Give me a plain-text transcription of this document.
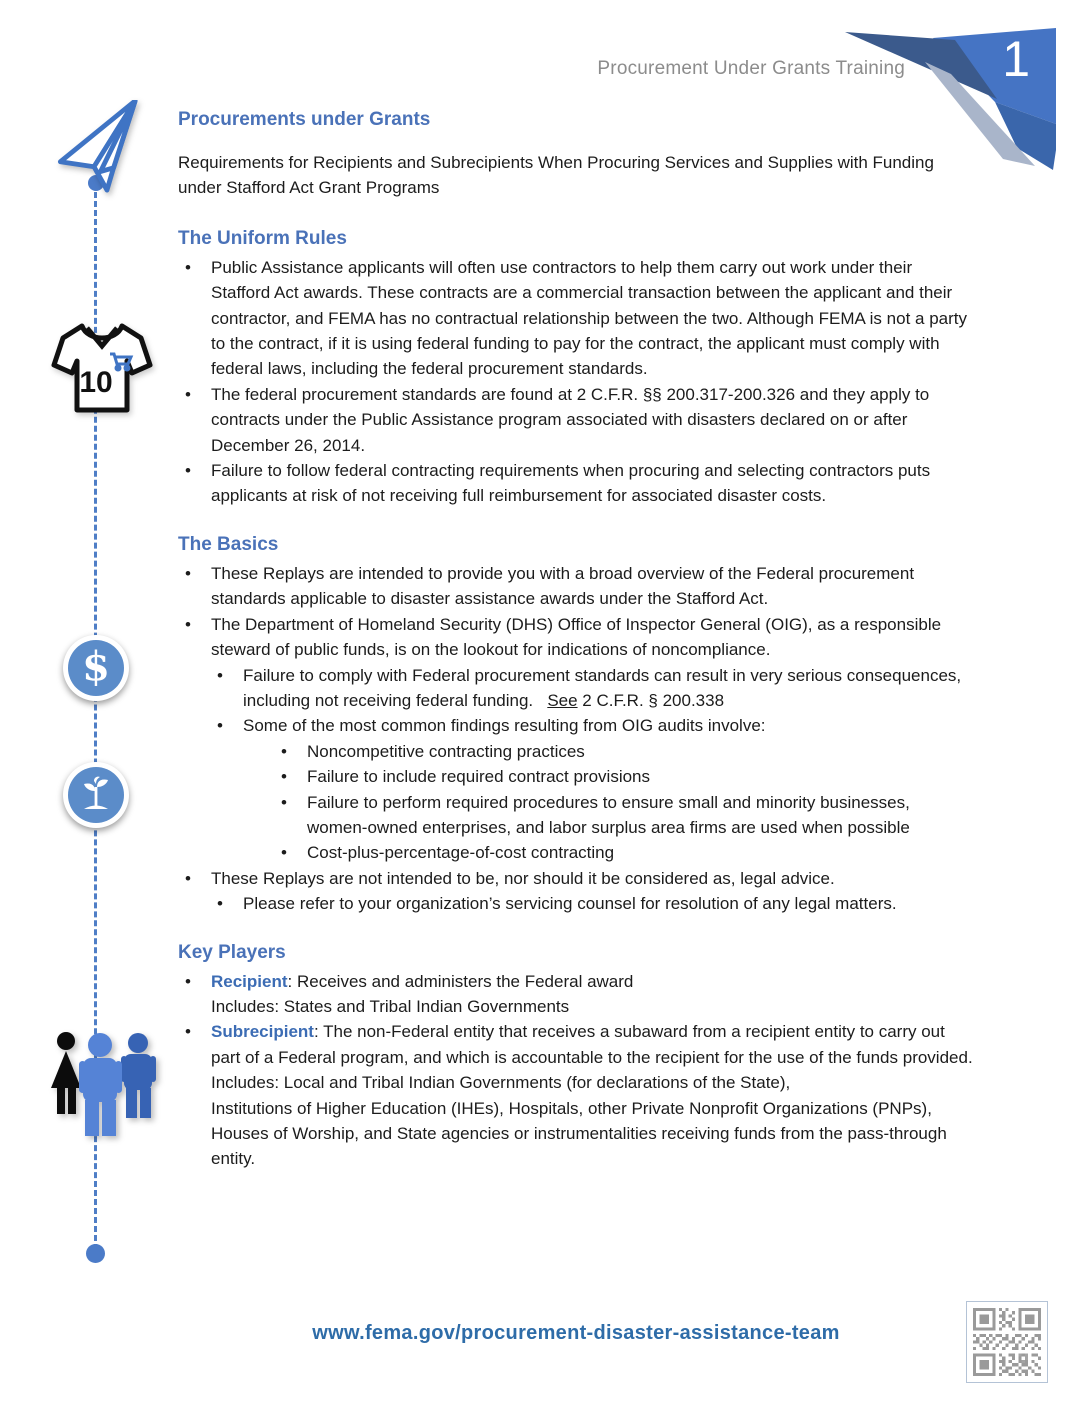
Procurement Under Grants Training 1
10
$

Procurements under Grants

Requirements for Recipients and Subrecipients When Procuring Services and Supplies with Funding under Stafford Act Grant Programs

The Uniform Rules

• Public Assistance applicants will often use contractors to help them carry out work under their Stafford Act awards. These contracts are a commercial transaction between the applicant and their contractor, and FEMA has no contractual relationship between the two. Although FEMA is not a party to the contract, if it is using federal funding to pay for the contract, the applicant must comply with federal laws, including the federal procurement standards.
• The federal procurement standards are found at 2 C.F.R. §§ 200.317-200.326 and they apply to contracts under the Public Assistance program associated with disasters declared on or after December 26, 2014.
• Failure to follow federal contracting requirements when procuring and selecting contractors puts applicants at risk of not receiving full reimbursement for associated disaster costs.

The Basics

• These Replays are intended to provide you with a broad overview of the Federal procurement standards applicable to disaster assistance awards under the Stafford Act.
• The Department of Homeland Security (DHS) Office of Inspector General (OIG), as a responsible steward of public funds, is on the lookout for indications of noncompliance.
• Failure to comply with Federal procurement standards can result in very serious consequences, including not receiving federal funding.   See 2 C.F.R. § 200.338
• Some of the most common findings resulting from OIG audits involve:
• Noncompetitive contracting practices
• Failure to include required contract provisions
• Failure to perform required procedures to ensure small and minority businesses, women-owned enterprises, and labor surplus area firms are used when possible
• Cost-plus-percentage-of-cost contracting
• These Replays are not intended to be, nor should it be considered as, legal advice.
• Please refer to your organization’s servicing counsel for resolution of any legal matters.

Key Players

• Recipient: Receives and administers the Federal award
Includes: States and Tribal Indian Governments
• Subrecipient: The non-Federal entity that receives a subaward from a recipient entity to carry out part of a Federal program, and which is accountable to the recipient for the use of the funds provided.
Includes: Local and Tribal Indian Governments (for declarations of the State),
Institutions of Higher Education (IHEs), Hospitals, other Private Nonprofit Organizations (PNPs), Houses of Worship, and State agencies or instrumentalities receiving funds from the pass-through entity.
www.fema.gov/procurement-disaster-assistance-team
